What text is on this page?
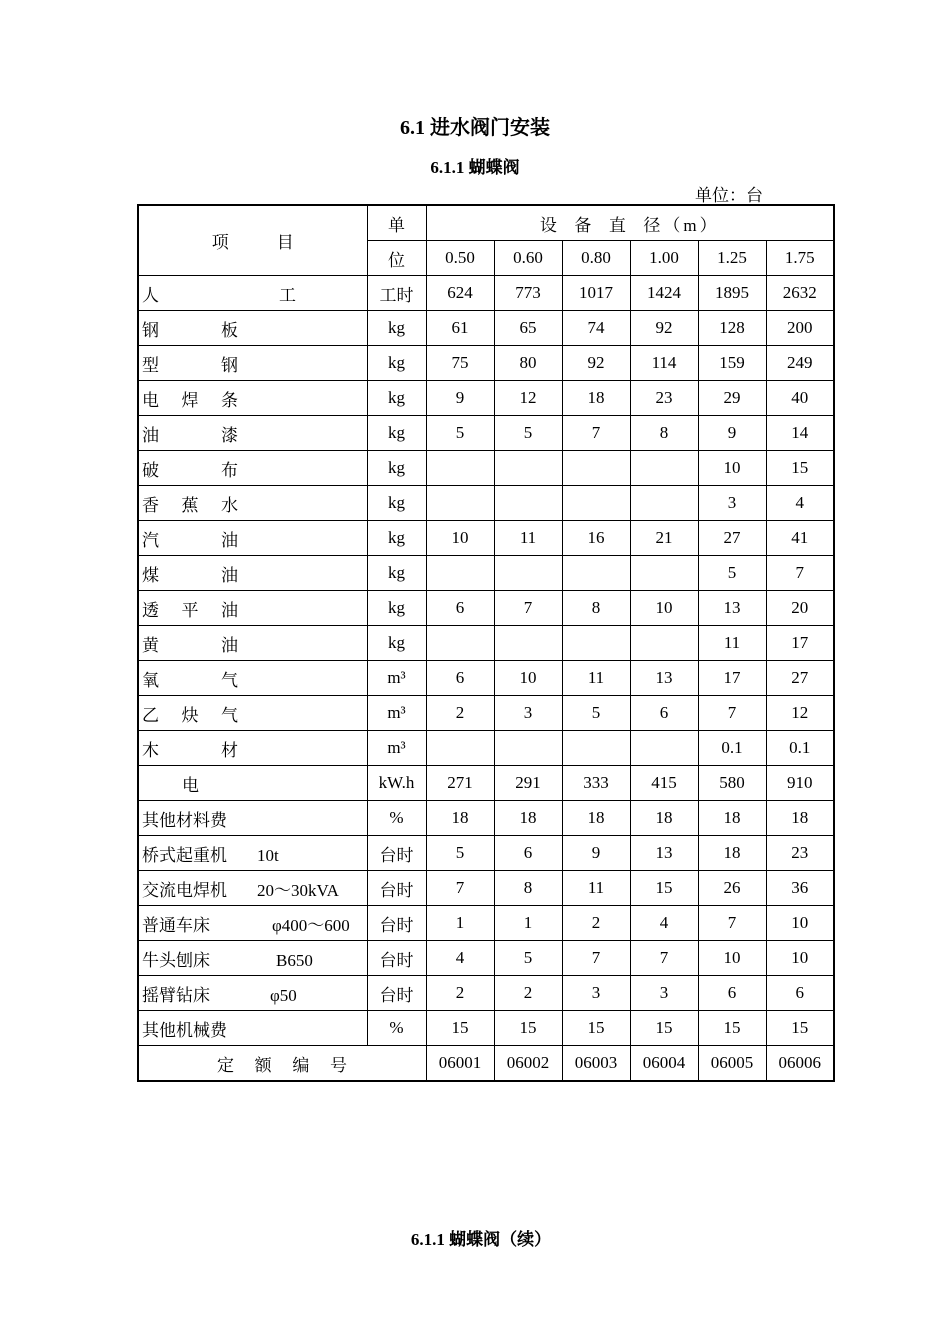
6.1 进水阀门安装
6.1.1 蝴蝶阀
单位：台
项 目	单	设  备  直  径（m）					
	位	0.50	0.60	0.80	1.00	1.25	1.75

人 工	工时	624	773	1017	1424	1895	2632

钢 板	kg	61	65	74	92	128	200

型 钢	kg	75	80	92	114	159	249

电 焊 条	kg	9	12	18	23	29	40

油 漆	kg	5	5	7	8	9	14

破 布	kg					10	15

香 蕉 水	kg					3	4

汽 油	kg	10	11	16	21	27	41

煤 油	kg					5	7

透 平 油	kg	6	7	8	10	13	20

黄 油	kg					11	17

氧 气	m³	6	10	11	13	17	27

乙 炔 气	m³	2	3	5	6	7	12

木 材	m³					0.1	0.1
电	kW.h	271	291	333	415	580	910
其他材料费	%	18	18	18	18	18	18
桥式起重机 10t	台时	5	6	9	13	18	23
交流电焊机 20～30kVA	台时	7	8	11	15	26	36
普通车床 φ400～600	台时	1	1	2	4	7	10
牛头刨床 B650	台时	4	5	7	7	10	10
摇臂钻床 φ50	台时	2	2	3	3	6	6
其他机械费	%	15	15	15	15	15	15

定 额 编 号		06001	06002	06003	06004	06005	06006
6.1.1 蝴蝶阀（续）
